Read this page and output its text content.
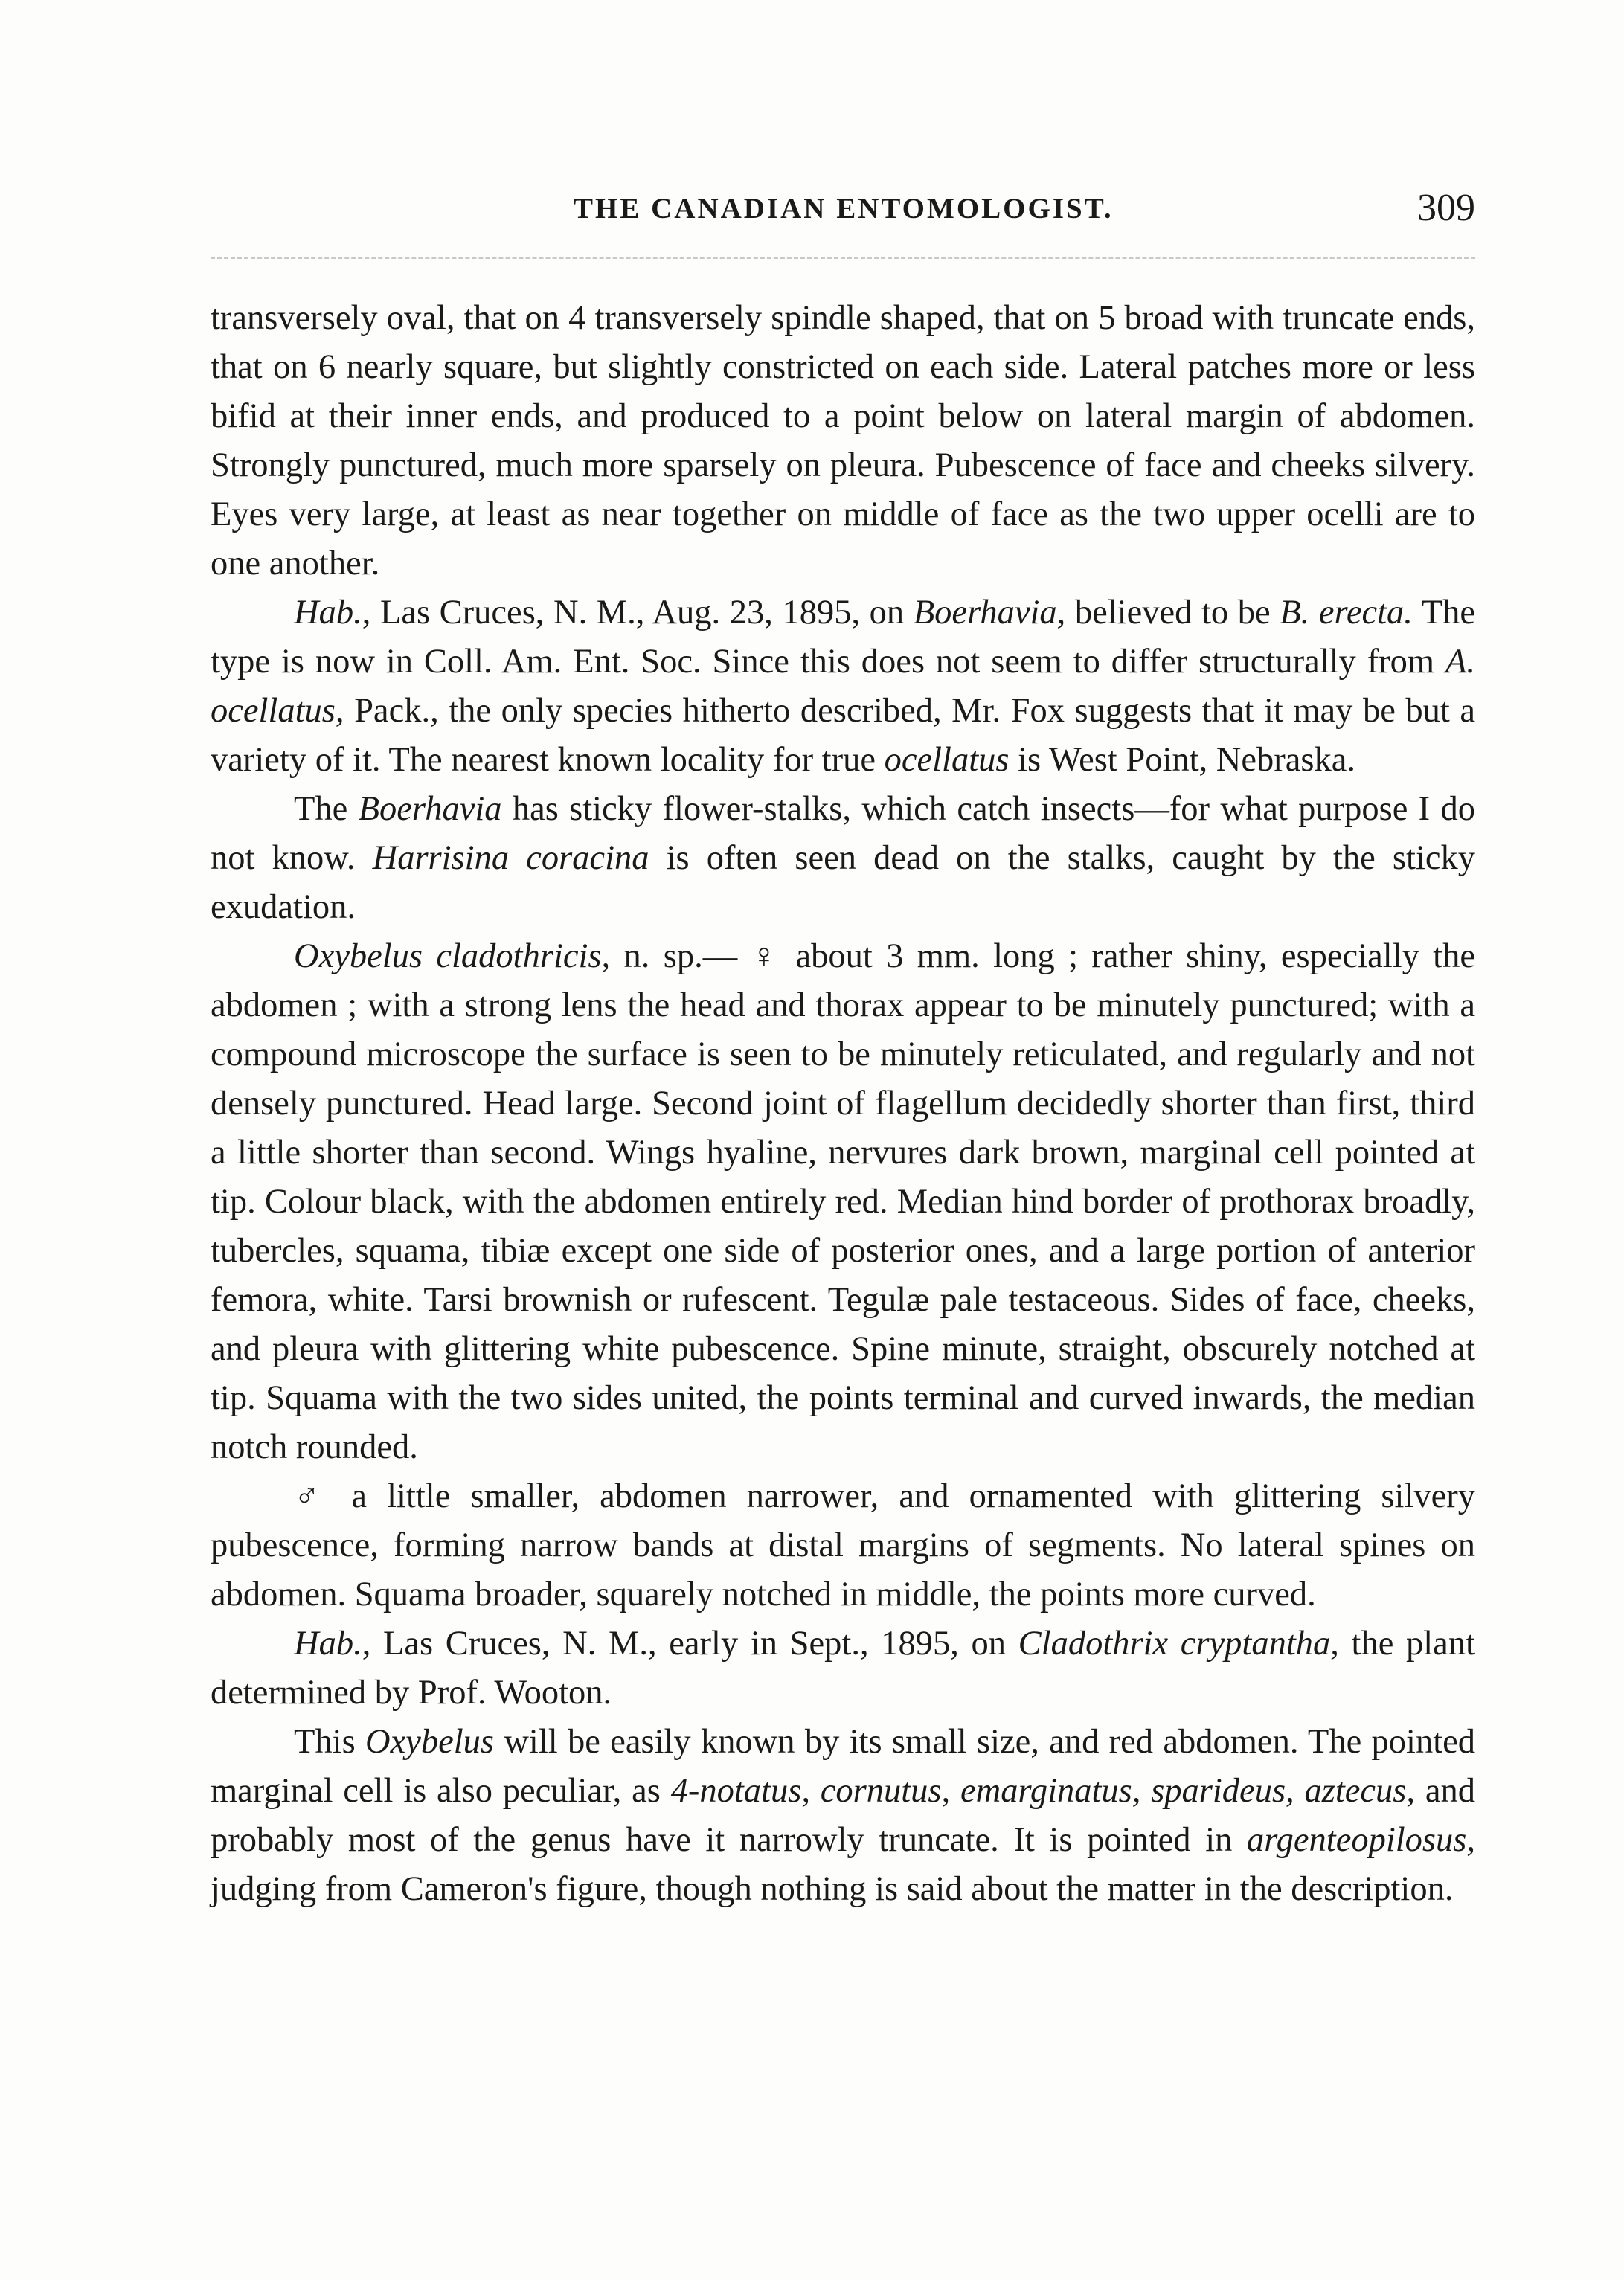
THE CANADIAN ENTOMOLOGIST.	309

transversely oval, that on 4 transversely spindle shaped, that on 5 broad with truncate ends, that on 6 nearly square, but slightly constricted on each side. Lateral patches more or less bifid at their inner ends, and produced to a point below on lateral margin of abdomen. Strongly punctured, much more sparsely on pleura. Pubescence of face and cheeks silvery. Eyes very large, at least as near together on middle of face as the two upper ocelli are to one another.

Hab., Las Cruces, N. M., Aug. 23, 1895, on Boerhavia, believed to be B. erecta. The type is now in Coll. Am. Ent. Soc. Since this does not seem to differ structurally from A. ocellatus, Pack., the only species hitherto described, Mr. Fox suggests that it may be but a variety of it. The nearest known locality for true ocellatus is West Point, Nebraska.

The Boerhavia has sticky flower-stalks, which catch insects—for what purpose I do not know. Harrisina coracina is often seen dead on the stalks, caught by the sticky exudation.

Oxybelus cladothricis, n. sp.— ♀ about 3 mm. long ; rather shiny, especially the abdomen ; with a strong lens the head and thorax appear to be minutely punctured; with a compound microscope the surface is seen to be minutely reticulated, and regularly and not densely punctured. Head large. Second joint of flagellum decidedly shorter than first, third a little shorter than second. Wings hyaline, nervures dark brown, marginal cell pointed at tip. Colour black, with the abdomen entirely red. Median hind border of prothorax broadly, tubercles, squama, tibiæ except one side of posterior ones, and a large portion of anterior femora, white. Tarsi brownish or rufescent. Tegulæ pale testaceous. Sides of face, cheeks, and pleura with glittering white pubescence. Spine minute, straight, obscurely notched at tip. Squama with the two sides united, the points terminal and curved inwards, the median notch rounded.

♂ a little smaller, abdomen narrower, and ornamented with glittering silvery pubescence, forming narrow bands at distal margins of segments. No lateral spines on abdomen. Squama broader, squarely notched in middle, the points more curved.

Hab., Las Cruces, N. M., early in Sept., 1895, on Cladothrix cryptantha, the plant determined by Prof. Wooton.

This Oxybelus will be easily known by its small size, and red abdomen. The pointed marginal cell is also peculiar, as 4-notatus, cornutus, emarginatus, sparideus, aztecus, and probably most of the genus have it narrowly truncate. It is pointed in argenteopilosus, judging from Cameron's figure, though nothing is said about the matter in the description.
